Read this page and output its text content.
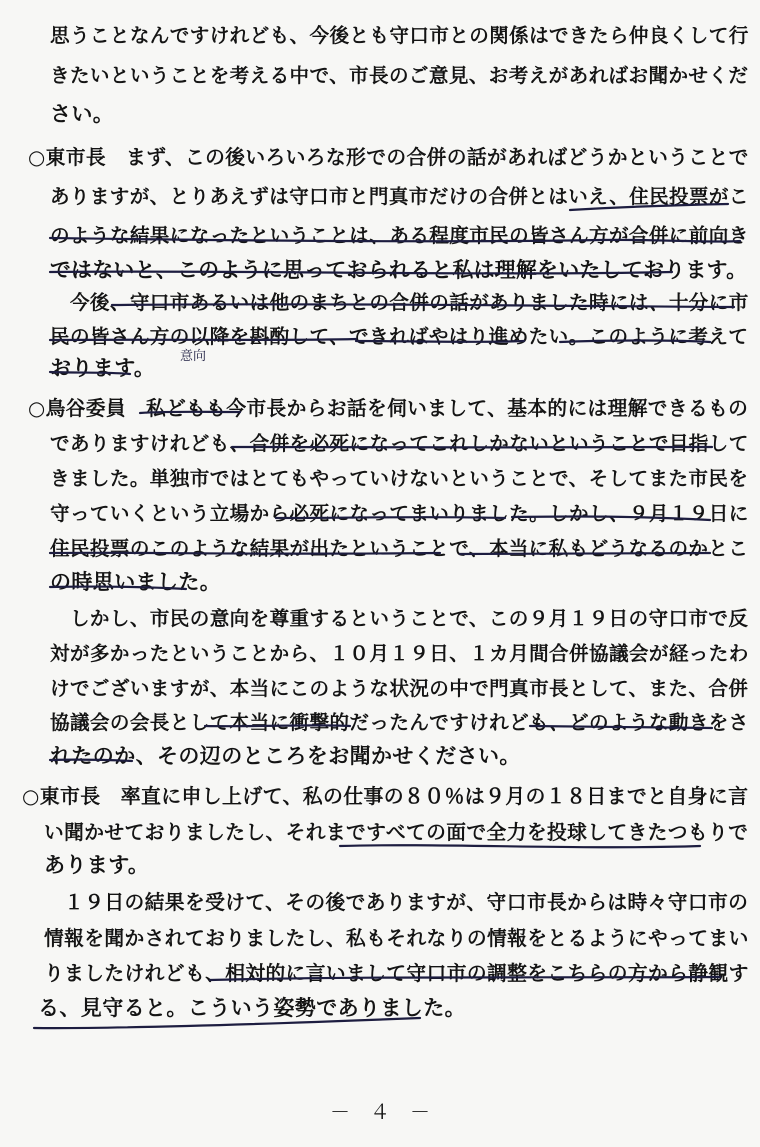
思うことなんですけれども、今後とも守口市との関係はできたら仲良くして行
きたいということを考える中で、市長のご意見、お考えがあればお聞かせくだ
さい。
○東市長　まず、この後いろいろな形での合併の話があればどうかということで
ありますが、とりあえずは守口市と門真市だけの合併とはいえ、住民投票がこ
のような結果になったということは、ある程度市民の皆さん方が合併に前向き
ではないと、このように思っておられると私は理解をいたしております。
　今後、守口市あるいは他のまちとの合併の話がありました時には、十分に市
民の皆さん方の以降を斟酌して、できればやはり進めたい。このように考えて
おります。
○鳥谷委員　私どもも今市長からお話を伺いまして、基本的には理解できるもの
でありますけれども、合併を必死になってこれしかないということで目指して
きました。単独市ではとてもやっていけないということで、そしてまた市民を
守っていくという立場から必死になってまいりました。しかし、９月１９日に
住民投票のこのような結果が出たということで、本当に私もどうなるのかとこ
の時思いました。
　しかし、市民の意向を尊重するということで、この９月１９日の守口市で反
対が多かったということから、１０月１９日、１カ月間合併協議会が経ったわ
けでございますが、本当にこのような状況の中で門真市長として、また、合併
協議会の会長として本当に衝撃的だったんですけれども、どのような動きをさ
れたのか、その辺のところをお聞かせください。
○東市長　率直に申し上げて、私の仕事の８０％は９月の１８日までと自身に言
い聞かせておりましたし、それまですべての面で全力を投球してきたつもりで
あります。
　１９日の結果を受けて、その後でありますが、守口市長からは時々守口市の
情報を聞かされておりましたし、私もそれなりの情報をとるようにやってまい
りましたけれども、相対的に言いまして守口市の調整をこちらの方から静観す
る、見守ると。こういう姿勢でありました。
意向
－　４　－
